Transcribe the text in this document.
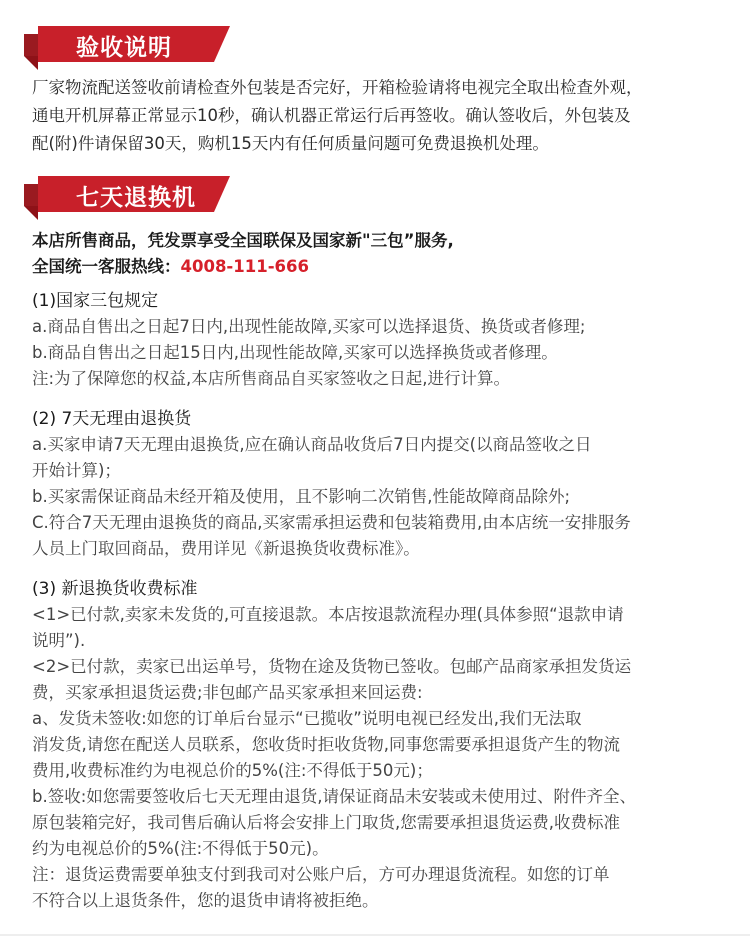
验收说明

厂家物流配送签收前请检查外包装是否完好，开箱检验请将电视完全取出检查外观，
通电开机屏幕正常显示10秒，确认机器正常运行后再签收。确认签收后，外包装及
配(附)件请保留30天，购机15天内有任何质量问题可免费退换机处理。

七天退换机

本店所售商品，凭发票享受全国联保及国家新"三包”服务,
全国统一客服热线：4008-111-666

(1)国家三包规定
a.商品自售出之日起7日内,出现性能故障,买家可以选择退货、换货或者修理;
b.商品自售出之日起15日内,出现性能故障,买家可以选择换货或者修理。
注:为了保障您的权益,本店所售商品自买家签收之日起,进行计算。

(2) 7天无理由退换货
a.买家申请7天无理由退换货,应在确认商品收货后7日内提交(以商品签收之日
开始计算)；
b.买家需保证商品未经开箱及使用，且不影响二次销售,性能故障商品除外;
C.符合7天无理由退换货的商品,买家需承担运费和包装箱费用,由本店统一安排服务
人员上门取回商品，费用详见《新退换货收费标准》。

(3) 新退换货收费标准
<1>已付款,卖家未发货的,可直接退款。本店按退款流程办理(具体参照“退款申请
说明”).
<2>已付款，卖家已出运单号，货物在途及货物已签收。包邮产品商家承担发货运
费，买家承担退货运费;非包邮产品买家承担来回运费:
a、发货未签收:如您的订单后台显示“已揽收”说明电视已经发出,我们无法取
消发货,请您在配送人员联系，您收货时拒收货物,同事您需要承担退货产生的物流
费用,收费标准约为电视总价的5%(注:不得低于50元)；
b.签收:如您需要签收后七天无理由退货,请保证商品未安装或未使用过、附件齐全、
原包装箱完好，我司售后确认后将会安排上门取货,您需要承担退货运费,收费标准
约为电视总价的5%(注:不得低于50元)。
注：退货运费需要单独支付到我司对公账户后，方可办理退货流程。如您的订单
不符合以上退货条件，您的退货申请将被拒绝。
